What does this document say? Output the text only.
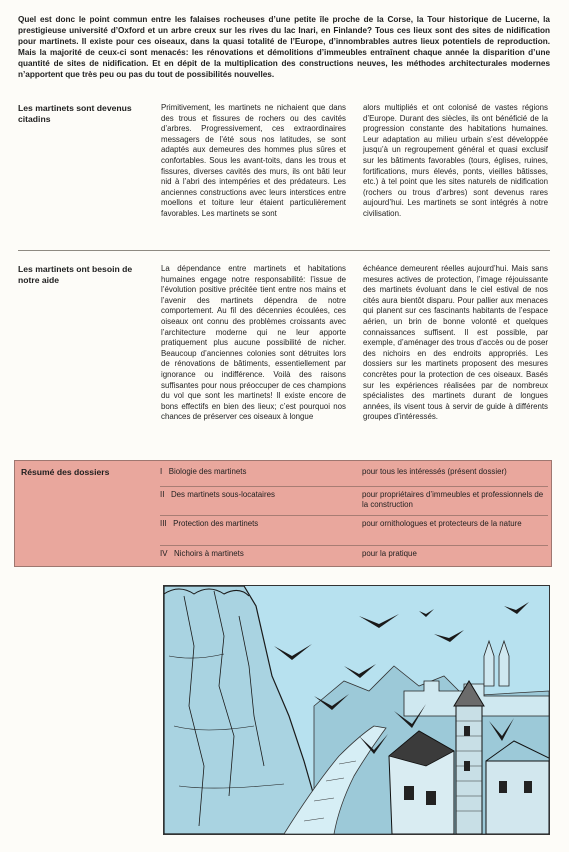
Quel est donc le point commun entre les falaises rocheuses d’une petite île proche de la Corse, la Tour historique de Lucerne, la prestigieuse université d’Oxford et un arbre creux sur les rives du lac Inari, en Finlande? Tous ces lieux sont des sites de nidification pour martinets. Il existe pour ces oiseaux, dans la quasi totalité de l’Europe, d’innombrables autres lieux potentiels de reproduction. Mais la majorité de ceux-ci sont menacés: les rénovations et démolitions d’immeubles entraînent chaque année la disparition d’une quantité de sites de nidification. Et en dépit de la multiplication des constructions neuves, les méthodes architecturales modernes n’apportent que très peu ou pas du tout de possibilités nouvelles.

Les martinets sont devenus citadins

Primitivement, les martinets ne nichaient que dans des trous et fissures de rochers ou des cavités d’arbres. Progressivement, ces extraordinaires messagers de l’été sous nos latitudes, se sont adaptés aux demeures des hommes plus sûres et confortables. Sous les avant-toits, dans les trous et fissures, diverses cavités des murs, ils ont bâti leur nid à l’abri des intempéries et des prédateurs. Les anciennes constructions avec leurs interstices entre moellons et toiture leur étaient particulièrement favorables. Les martinets se sont

alors multipliés et ont colonisé de vastes régions d’Europe. Durant des siècles, ils ont bénéficié de la progression constante des habitations humaines. Leur adaptation au milieu urbain s’est développée jusqu’à un regroupement général et quasi exclusif sur les bâtiments favorables (tours, églises, ruines, fortifications, murs élevés, ponts, vieilles bâtisses, etc.) à tel point que les sites naturels de nidification (rochers ou trous d’arbres) sont devenus rares aujourd’hui. Les martinets se sont intégrés à notre civilisation.

Les martinets ont besoin de notre aide

La dépendance entre martinets et habitations humaines engage notre responsabilité: l’issue de l’évolution positive précitée tient entre nos mains et l’avenir des martinets dépendra de notre comportement. Au fil des décennies écoulées, ces oiseaux ont connu des problèmes croissants avec l’architecture moderne qui ne leur apporte pratiquement plus aucune possibilité de nicher. Beaucoup d’anciennes colonies sont détruites lors de rénovations de bâtiments, essentiellement par ignorance ou indifférence. Voilà des raisons suffisantes pour nous préoccuper de ces champions du vol que sont les martinets! Il existe encore de bons effectifs en bien des lieux; c’est pourquoi nos chances de préserver ces oiseaux à longue

échéance demeurent réelles aujourd’hui. Mais sans mesures actives de protection, l’image réjouissante des martinets évoluant dans le ciel estival de nos cités aura bientôt disparu. Pour pallier aux menaces qui planent sur ces fascinants habitants de l’espace aérien, un brin de bonne volonté et quelques connaissances suffisent. Il est possible, par exemple, d’aménager des trous d’accès ou de poser des nichoirs en des endroits appropriés. Les dossiers sur les martinets proposent des mesures concrètes pour la protection de ces oiseaux. Basés sur les expériences réalisées par de nombreux spécialistes des martinets durant de longues années, ils visent tous à servir de guide à différents groupes d’intéressés.

Résumé des dossiers	I Biologie des martinets	pour tous les intéressés (présent dossier)
II Des martinets sous-locataires	pour propriétaires d’immeubles et professionnels de la construction
III Protection des martinets	pour ornithologues et protecteurs de la nature
IV Nichoirs à martinets	pour la pratique
